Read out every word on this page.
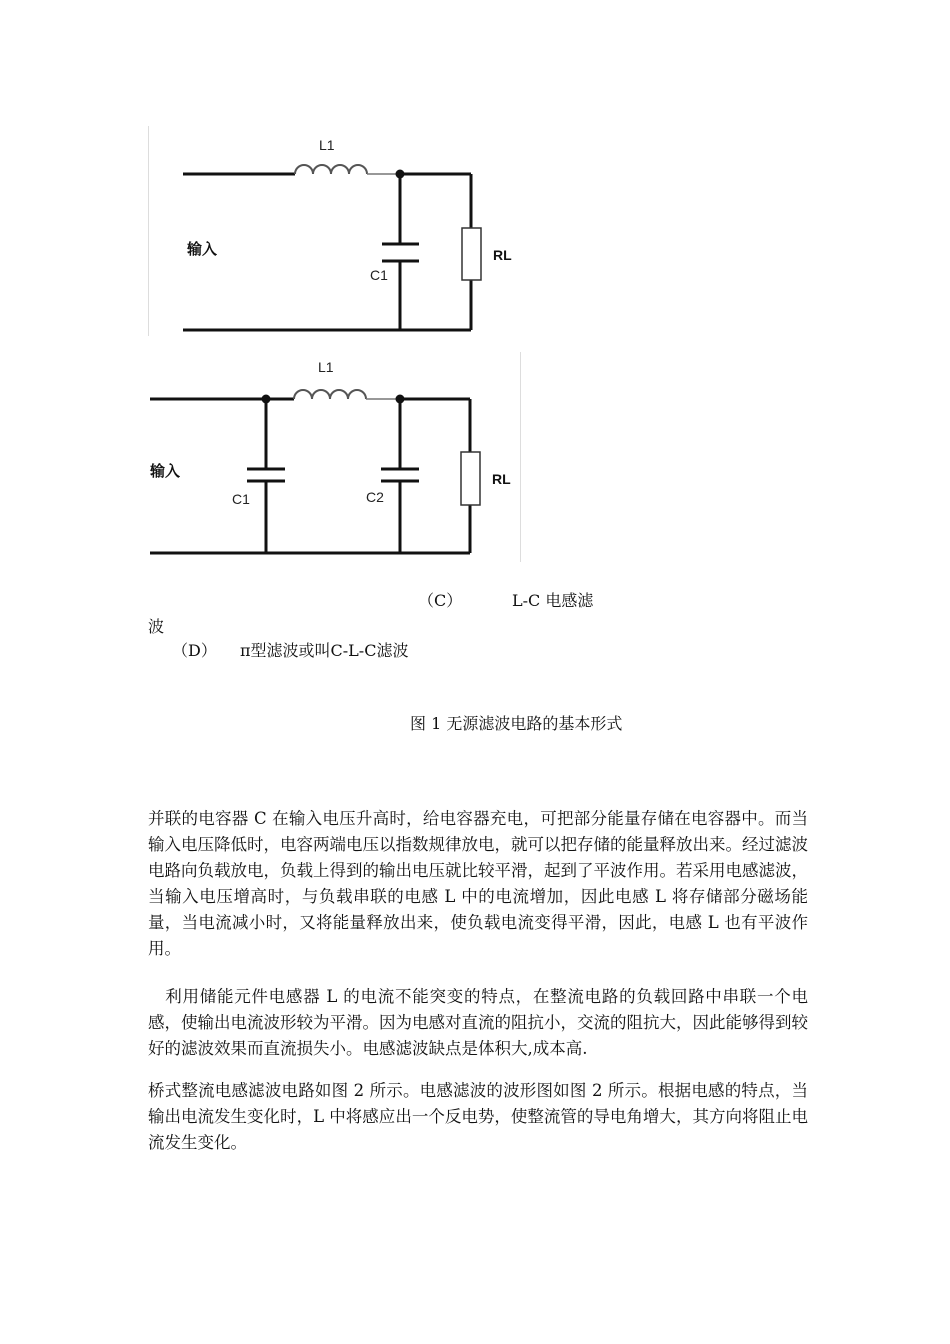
L1
输入
C1
RL
L1
输入
C1	C2
RL
（C）	L-C 电感滤
波
（D） π型滤波或叫C-L-C滤波
图 1 无源滤波电路的基本形式

并联的电容器 C 在输入电压升高时，给电容器充电，可把部分能量存储在电容器中。而当输入电压降低时，电容两端电压以指数规律放电，就可以把存储的能量释放出来。经过滤波电路向负载放电，负载上得到的输出电压就比较平滑，起到了平波作用。若采用电感滤波，当输入电压增高时，与负载串联的电感 L 中的电流增加，因此电感 L 将存储部分磁场能量，当电流减小时，又将能量释放出来，使负载电流变得平滑，因此，电感 L 也有平波作用。

　利用储能元件电感器 L 的电流不能突变的特点，在整流电路的负载回路中串联一个电感，使输出电流波形较为平滑。因为电感对直流的阻抗小，交流的阻抗大，因此能够得到较好的滤波效果而直流损失小。电感滤波缺点是体积大,成本高.

桥式整流电感滤波电路如图 2 所示。电感滤波的波形图如图 2 所示。根据电感的特点，当输出电流发生变化时，L 中将感应出一个反电势，使整流管的导电角增大，其方向将阻止电流发生变化。
